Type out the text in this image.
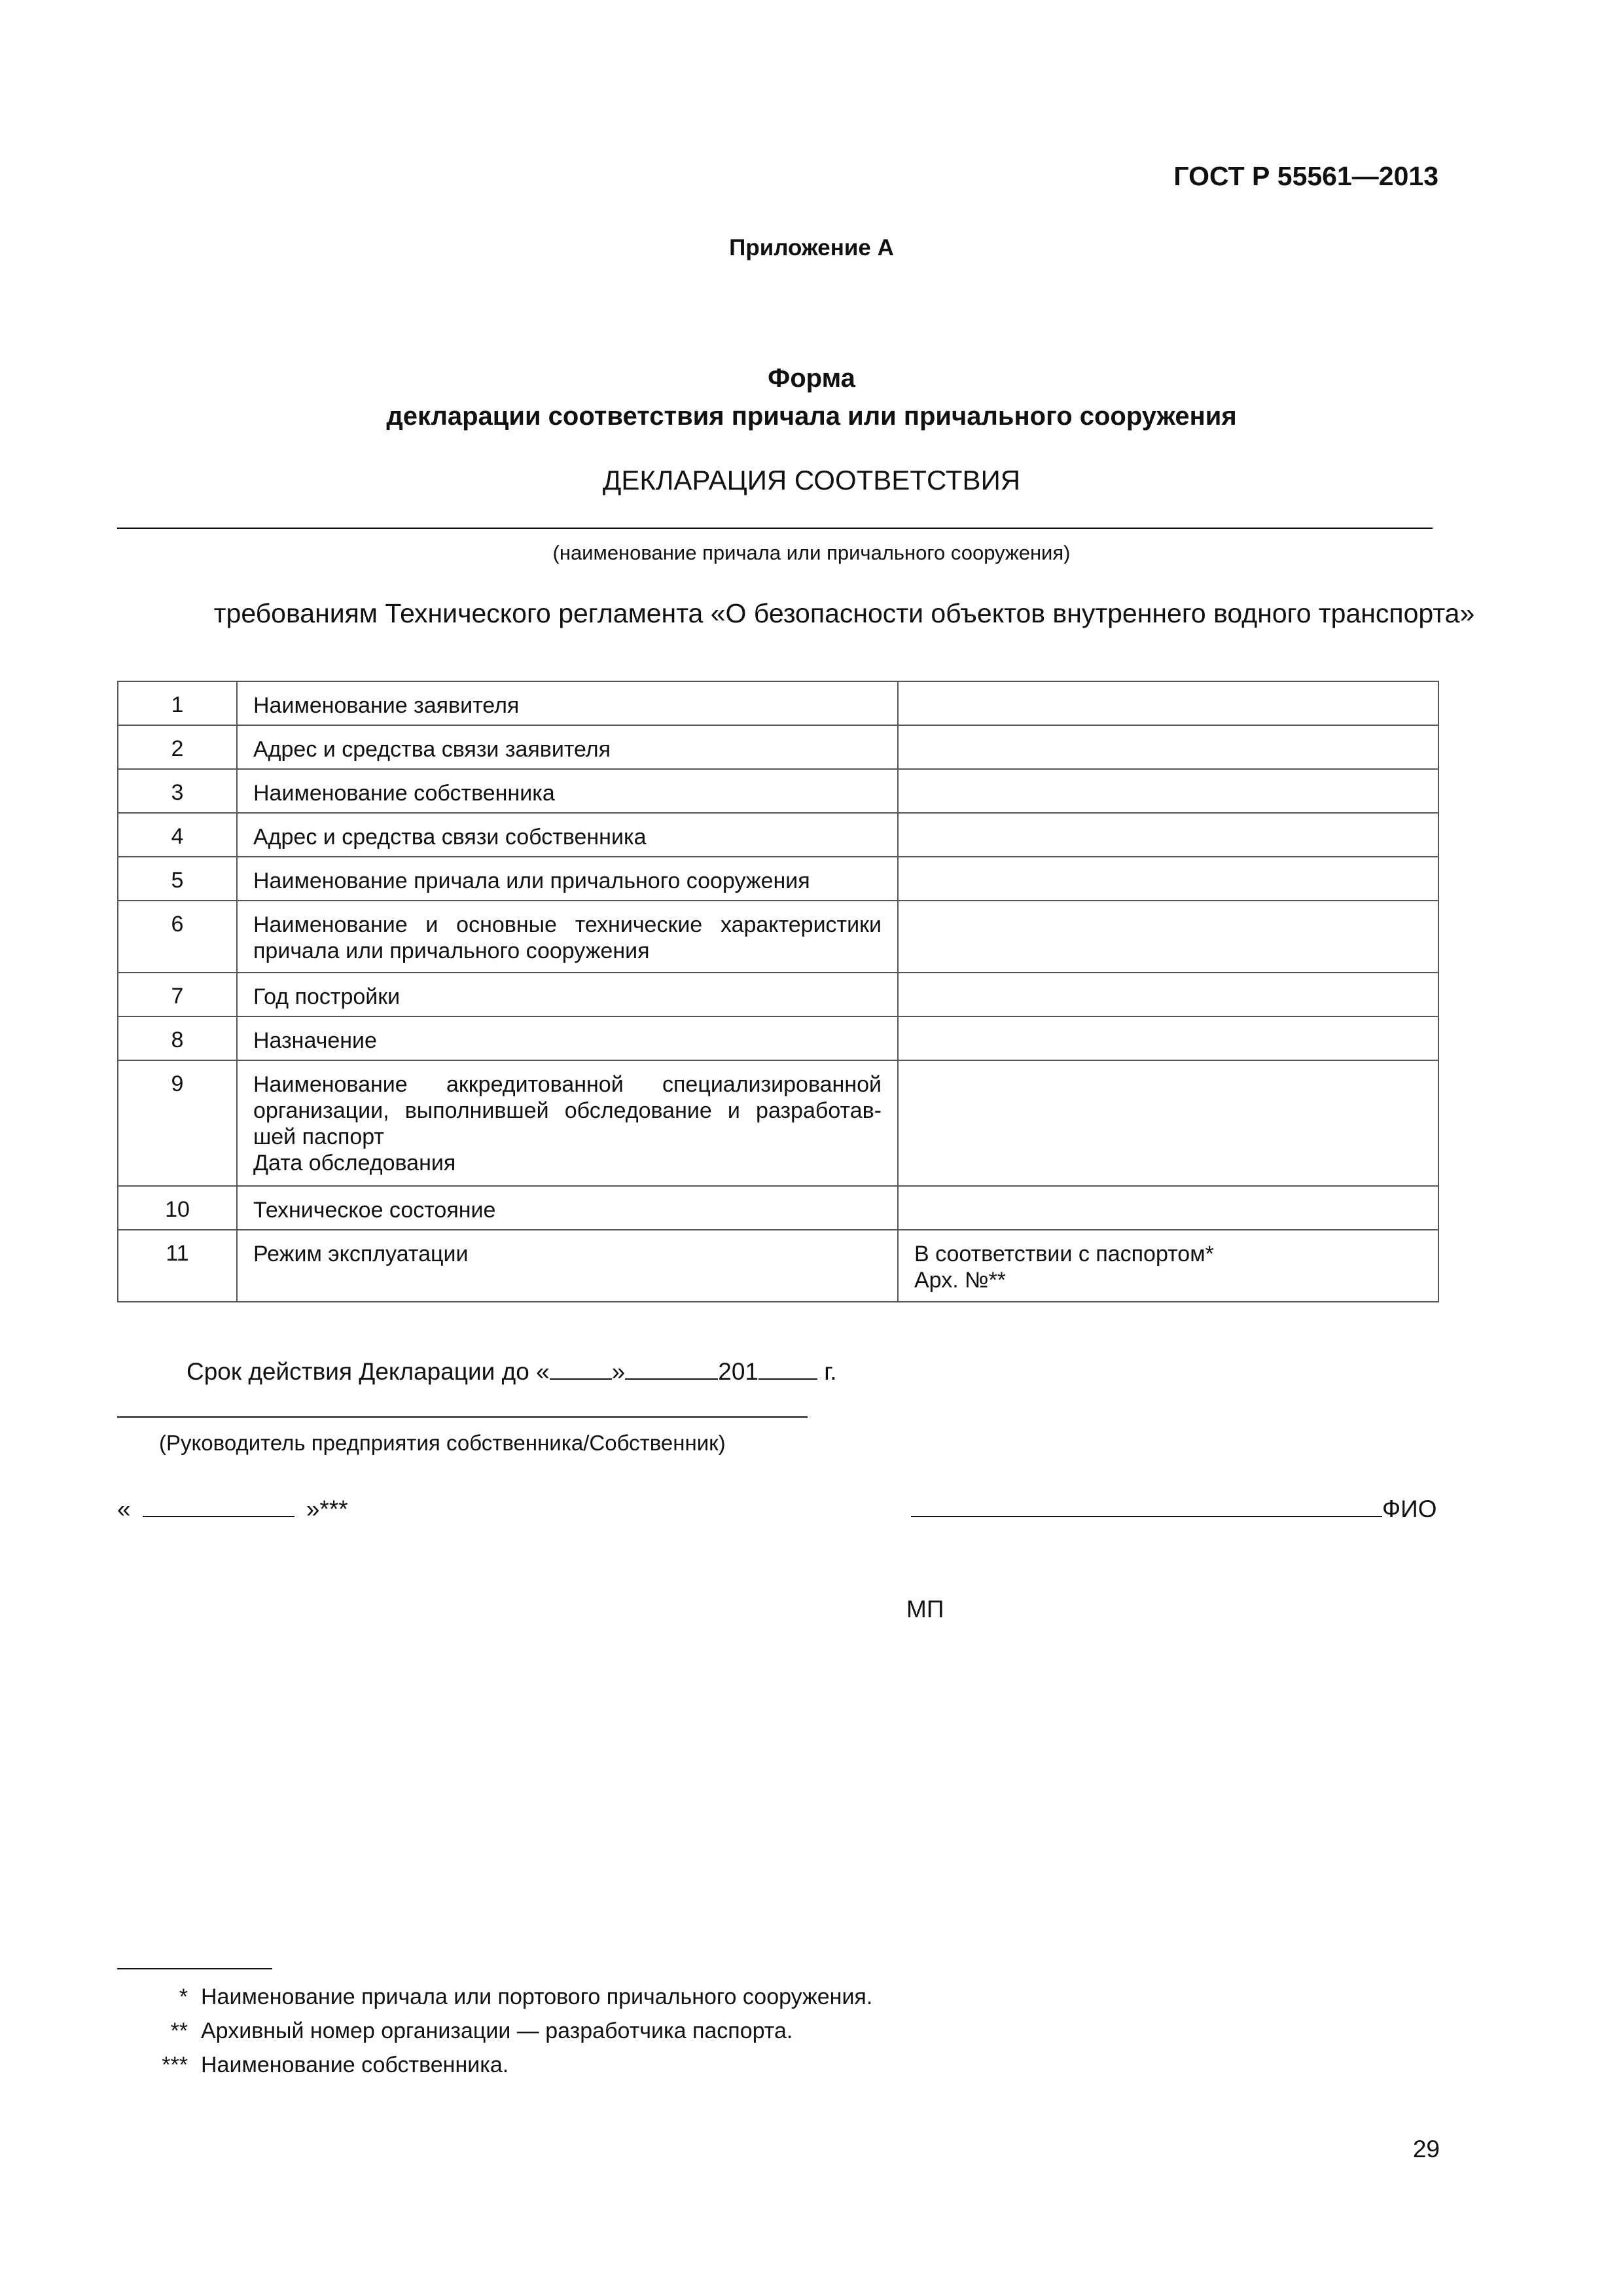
ГОСТ Р 55561—2013
Приложение А
Форма
декларации соответствия причала или причального сооружения
ДЕКЛАРАЦИЯ СООТВЕТСТВИЯ
(наименование причала или причального сооружения)
требованиям Технического регламента «О безопасности объектов внутреннего водного транспорта»
1	Наименование заявителя	

2	Адрес и средства связи заявителя	

3	Наименование собственника	

4	Адрес и средства связи собственника	

5	Наименование причала или причального сооружения	

6	Наименование и основные технические характеристики
причала или причального сооружения	

7	Год постройки	

8	Назначение	

9	Наименование аккредитованной специализированной
организации, выполнившей обследование и разработав-
шей паспорт
Дата обследования	

10	Техническое состояние	

11	Режим эксплуатации	В соответствии с паспортом*
Арх. №**
Срок действия Декларации до «	»	201 г.
(Руководитель предприятия собственника/Собственник)
«	»***	ФИО
МП
* Наименование причала или портового причального сооружения.
** Архивный номер организации — разработчика паспорта.
*** Наименование собственника.
29
